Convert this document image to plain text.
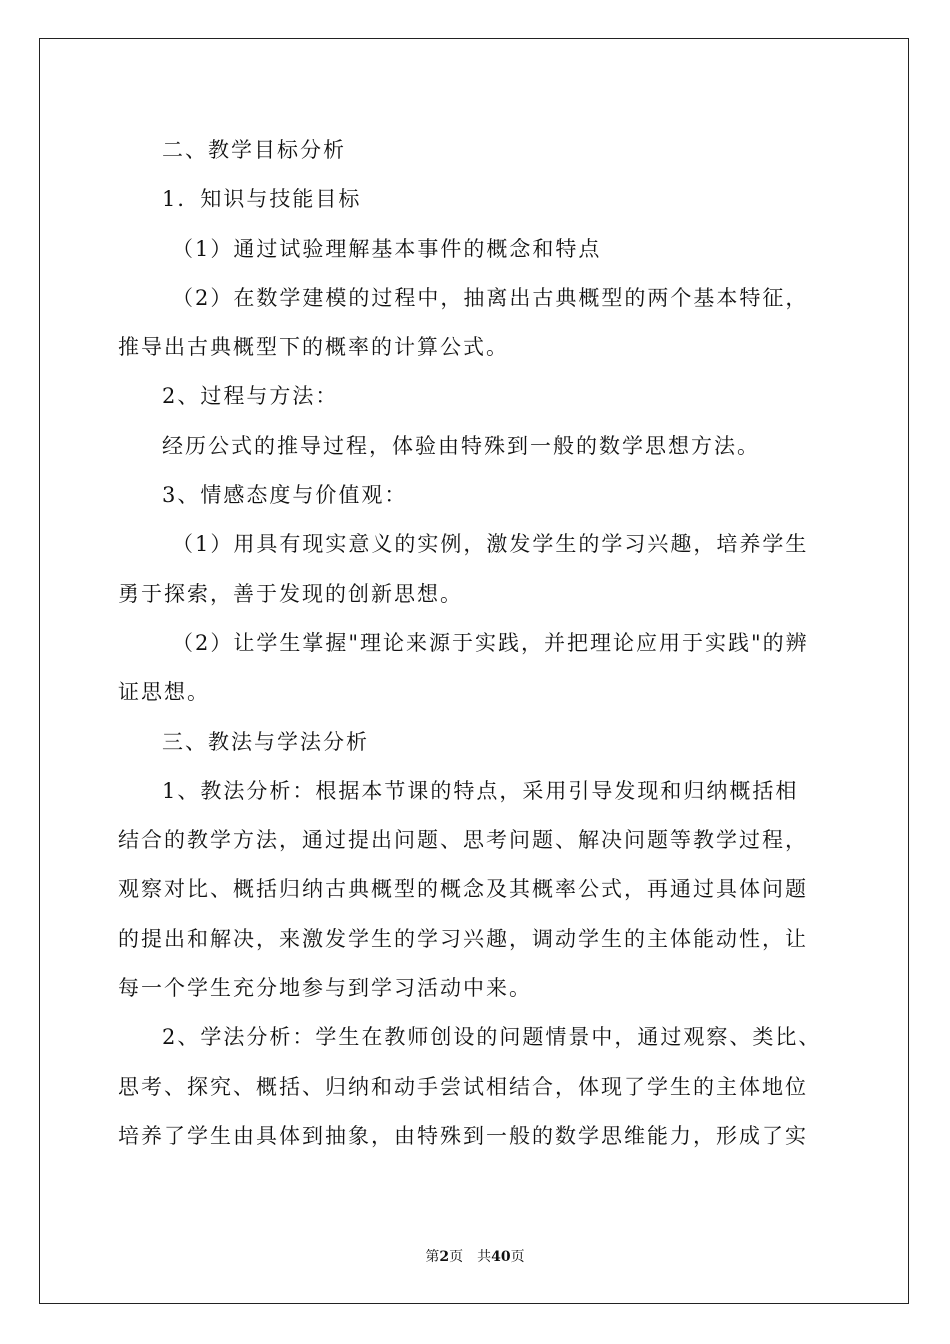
二、教学目标分析
1．知识与技能目标
（1）通过试验理解基本事件的概念和特点
（2）在数学建模的过程中，抽离出古典概型的两个基本特征，
推导出古典概型下的概率的计算公式。
2、过程与方法：
经历公式的推导过程，体验由特殊到一般的数学思想方法。
3、情感态度与价值观：
（1）用具有现实意义的实例，激发学生的学习兴趣，培养学生
勇于探索，善于发现的创新思想。
（2）让学生掌握"理论来源于实践，并把理论应用于实践"的辨
证思想。
三、教法与学法分析
1、教法分析：根据本节课的特点，采用引导发现和归纳概括相
结合的教学方法，通过提出问题、思考问题、解决问题等教学过程，
观察对比、概括归纳古典概型的概念及其概率公式，再通过具体问题
的提出和解决，来激发学生的学习兴趣，调动学生的主体能动性，让
每一个学生充分地参与到学习活动中来。
2、学法分析：学生在教师创设的问题情景中，通过观察、类比、
思考、探究、概括、归纳和动手尝试相结合，体现了学生的主体地位
培养了学生由具体到抽象，由特殊到一般的数学思维能力，形成了实
第2页　共40页
